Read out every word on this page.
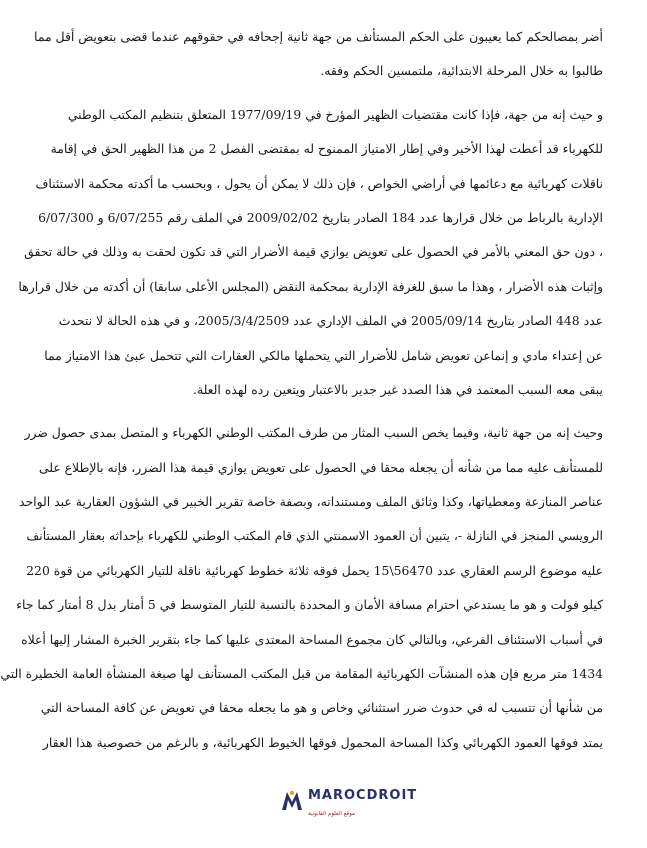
أضر بمصالحكم كما يعيبون على الحكم المستأنف من جهة ثانية إجحافه في حقوقهم عندما قضى بتعويض أقل مما
طالبوا به خلال المرحلة الابتدائية، ملتمسين الحكم وفقه.
و حيث إنه من جهة، فإذا كانت مقتضيات الظهير المؤرخ في 1977/09/19 المتعلق بتنظيم المكتب الوطني
للكهرباء قد أعطت لهذا الأخير وفي إطار الامتياز الممنوح له بمقتضى الفصل 2 من هذا الظهير الحق في إقامة
ناقلات كهربائية مع دعائمها في أراضي الخواص ، فإن ذلك لا يمكن أن يحول ، وبحسب ما أكدته محكمة الاستئناف
الإدارية بالرباط من خلال قرارها عدد 184 الصادر بتاريخ 2009/02/02 في الملف رقم 6/07/255 و 6/07/300
، دون حق المعني بالأمر في الحصول على تعويض يوازي قيمة الأضرار التي قد تكون لحقت به وذلك في حالة تحقق
وإثبات هذه الأضرار ، وهذا ما سبق للغرفة الإدارية بمحكمة النقض (المجلس الأعلى سابقا) أن أكدته من خلال قرارها
عدد 448 الصادر بتاريخ 2005/09/14 في الملف الإداري عدد 2005/3/4/2509، و في هذه الحالة لا نتحدث
عن إعتداء مادي و إنماعن تعويض شامل للأضرار التي يتحملها مالكي العقارات التي تتحمل عبئ هذا الامتياز مما
يبقى معه السبب المعتمد في هذا الصدد غير جدير بالاعتبار ويتعين رده لهذه العلة.
وحيث إنه من جهة ثانية، وفيما يخص السبب المثار من طرف المكتب الوطني الكهرباء و المتصل بمدى حصول ضرر
للمستأنف عليه مما من شأنه أن يجعله محقا في الحصول على تعويض يوازي قيمة هذا الضرر، فإنه بالإطلاع على
عناصر المنازعة ومعطياتها، وكذا وثائق الملف ومستنداته، وبصفة خاصة تقرير الخبير في الشؤون العقارية عبد الواحد
الرويسي المنجز في النازلة -، يتبين أن العمود الاسمنتي الذي قام المكتب الوطني للكهرباء بإحداثه بعقار المستأنف
عليه موضوع الرسم العقاري عدد 56470\15 يحمل فوقه ثلاثة خطوط كهربائية ناقلة للتيار الكهربائي من قوة 220
كيلو فولت و هو ما يستدعي احترام مسافة الأمان و المحددة بالنسبة للتيار المتوسط في 5 أمتار بدل 8 أمتار كما جاء
في أسباب الاستئناف الفرعي، وبالتالي كان مجموع المساحة المعتدى عليها كما جاء بتقرير الخبرة المشار إليها أعلاه
1434 متر مربع فإن هذه المنشآت الكهربائية المقامة من قبل المكتب المستأنف لها صبغة المنشأة العامة الخطيرة التي
من شأنها أن تتسبب له في حدوث ضرر استثنائي وخاص و هو ما يجعله محقا في تعويض عن كافة المساحة التي
يمتد فوقها العمود الكهربائي وكذا المساحة المحمول فوقها الخيوط الكهربائية، و بالرغم من خصوصية هذا العقار
MAROCDROIT
موقع العلوم القانونية
